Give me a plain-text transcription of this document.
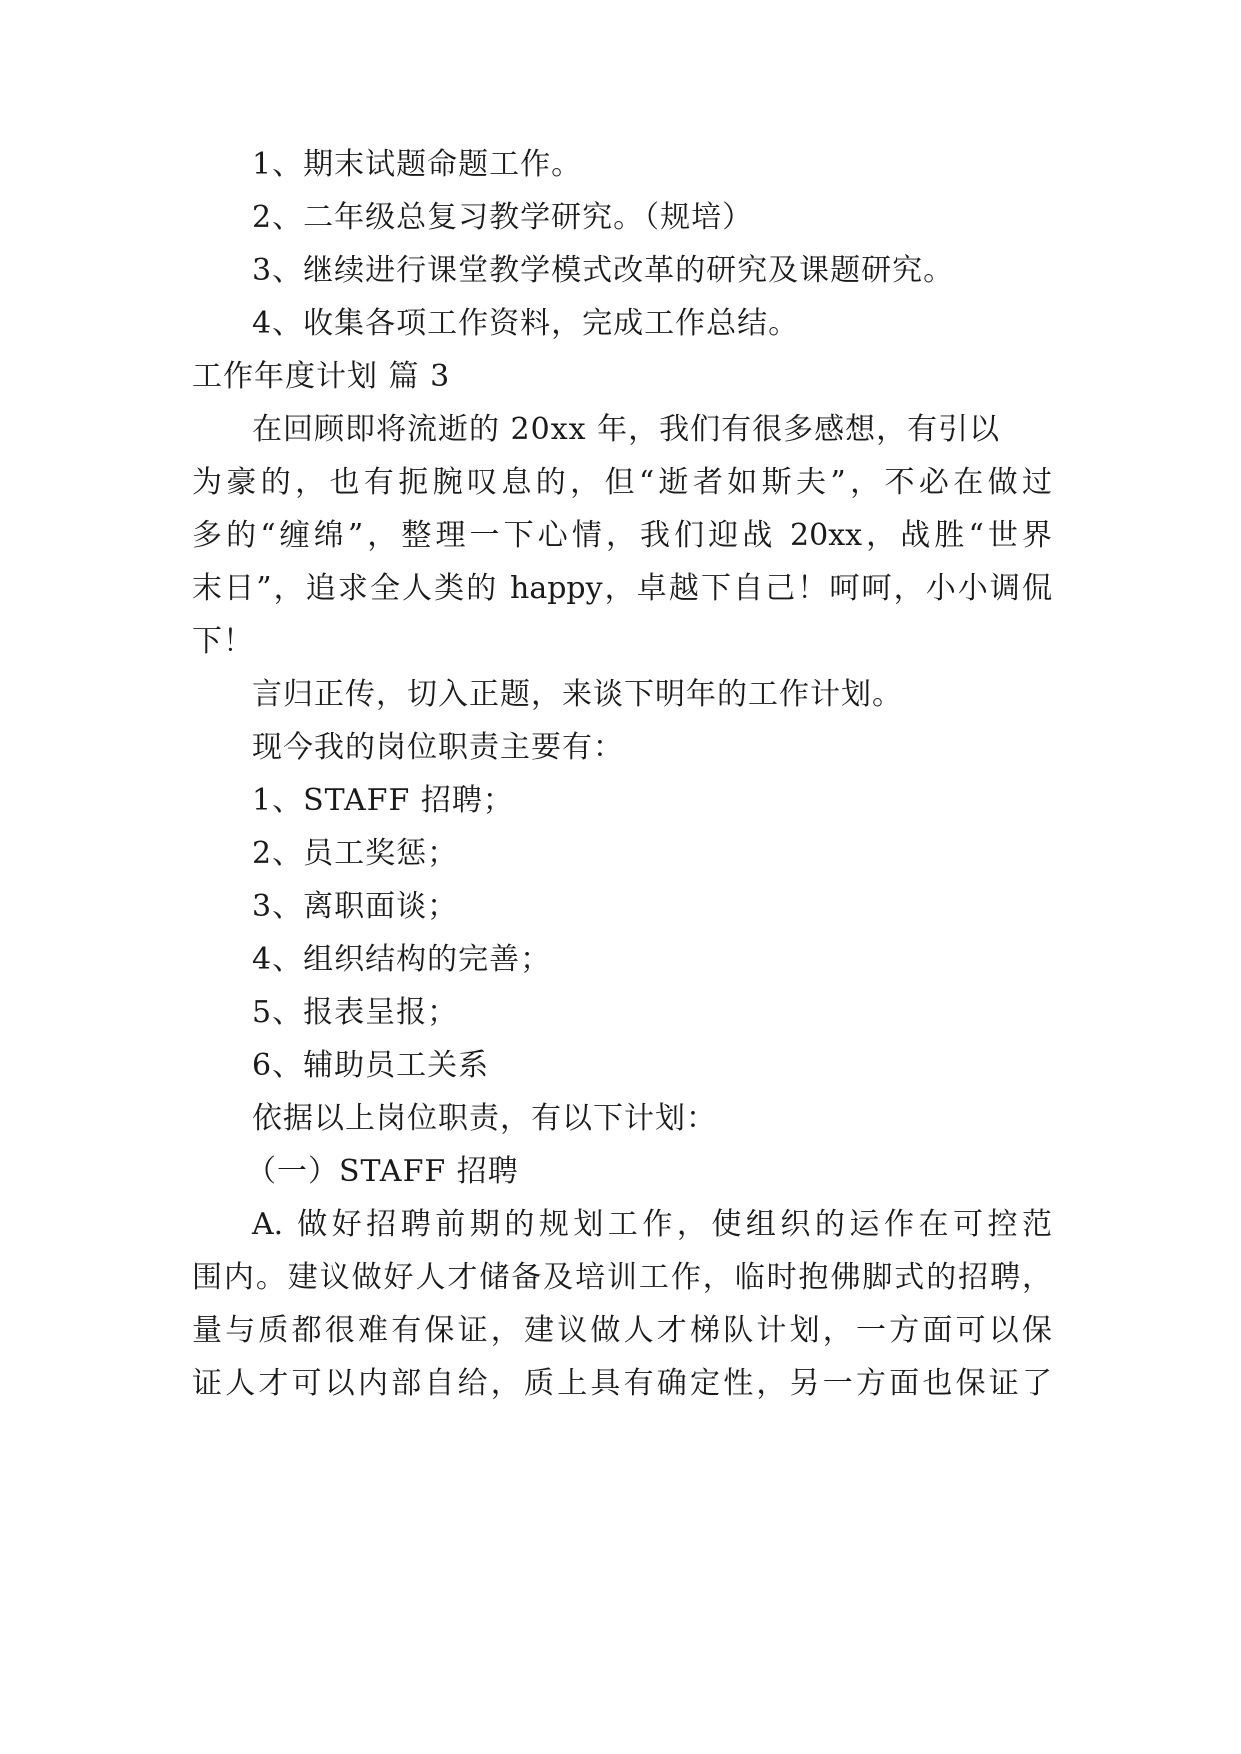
1、期末试题命题工作。
2、二年级总复习教学研究。（规培）
3、继续进行课堂教学模式改革的研究及课题研究。
4、收集各项工作资料，完成工作总结。
工作年度计划 篇 3
在回顾即将流逝的 20xx 年，我们有很多感想，有引以
为豪的，也有扼腕叹息的，但“逝者如斯夫”，不必在做过
多的“缠绵”，整理一下心情，我们迎战 20xx，战胜“世界
末日”，追求全人类的 happy，卓越下自己！呵呵，小小调侃
下！
言归正传，切入正题，来谈下明年的工作计划。
现今我的岗位职责主要有：
1、STAFF 招聘；
2、员工奖惩；
3、离职面谈；
4、组织结构的完善；
5、报表呈报；
6、辅助员工关系
依据以上岗位职责，有以下计划：
（一）STAFF 招聘
A. 做好招聘前期的规划工作，使组织的运作在可控范
围内。建议做好人才储备及培训工作，临时抱佛脚式的招聘，
量与质都很难有保证，建议做人才梯队计划，一方面可以保
证人才可以内部自给，质上具有确定性，另一方面也保证了
